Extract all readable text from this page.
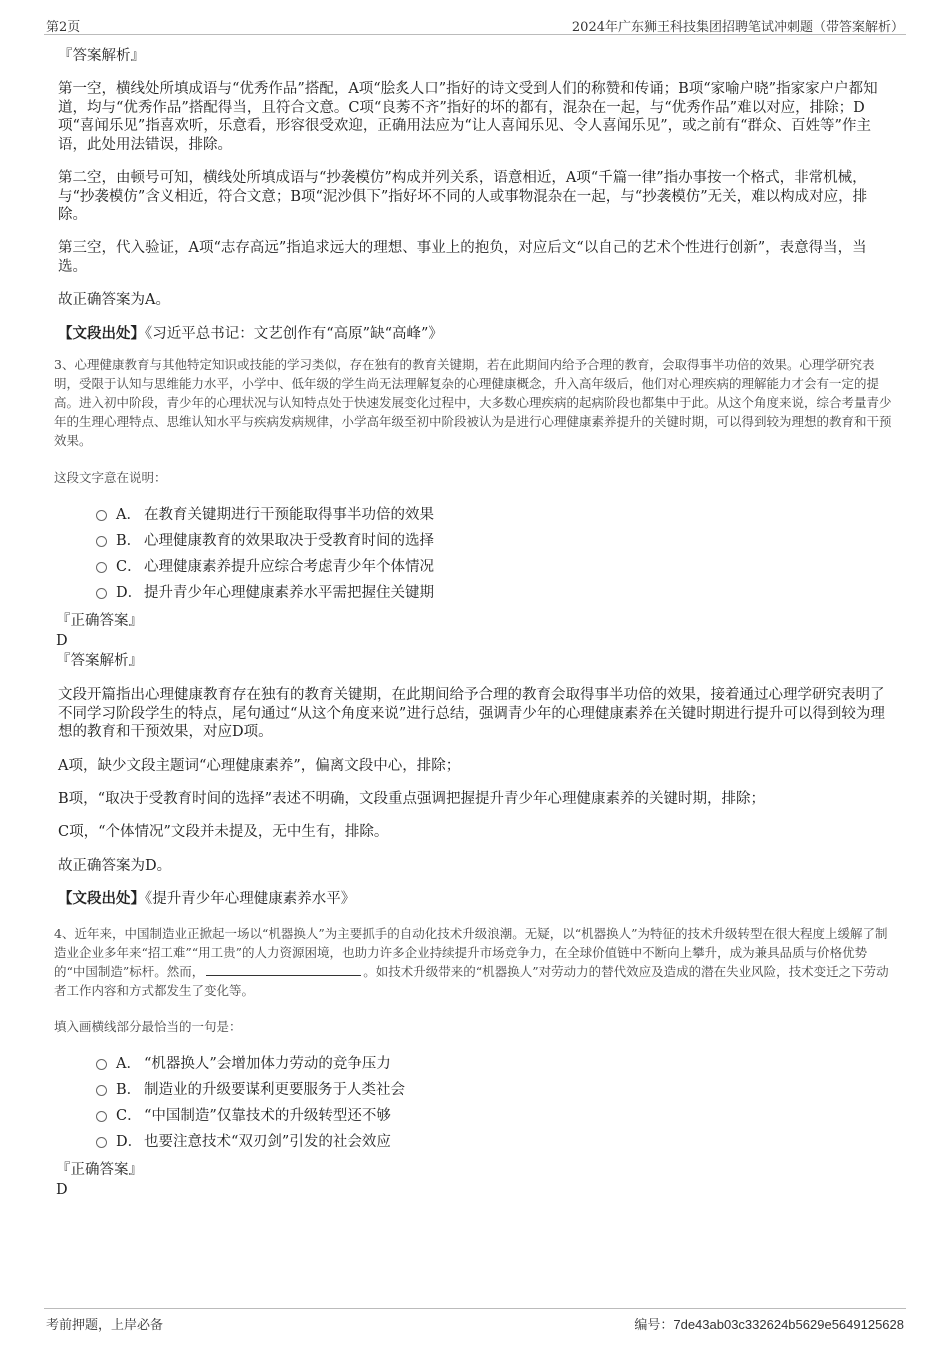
第2页	2024年广东狮王科技集团招聘笔试冲刺题（带答案解析）
『答案解析』
第一空，横线处所填成语与“优秀作品”搭配，A项“脍炙人口”指好的诗文受到人们的称赞和传诵；B项“家喻户晓”指家家户户都知道，均与“优秀作品”搭配得当，且符合文意。C项“良莠不齐”指好的坏的都有，混杂在一起，与“优秀作品”难以对应，排除；D项“喜闻乐见”指喜欢听，乐意看，形容很受欢迎，正确用法应为“让人喜闻乐见、令人喜闻乐见”，或之前有“群众、百姓等”作主语，此处用法错误，排除。
第二空，由顿号可知，横线处所填成语与“抄袭模仿”构成并列关系，语意相近，A项“千篇一律”指办事按一个格式，非常机械，与“抄袭模仿”含义相近，符合文意；B项“泥沙俱下”指好坏不同的人或事物混杂在一起，与“抄袭模仿”无关，难以构成对应，排除。
第三空，代入验证，A项“志存高远”指追求远大的理想、事业上的抱负，对应后文“以自己的艺术个性进行创新”，表意得当，当选。
故正确答案为A。
【文段出处】《习近平总书记：文艺创作有“高原”缺“高峰”》
3、心理健康教育与其他特定知识或技能的学习类似，存在独有的教育关键期，若在此期间内给予合理的教育，会取得事半功倍的效果。心理学研究表明，受限于认知与思维能力水平，小学中、低年级的学生尚无法理解复杂的心理健康概念，升入高年级后，他们对心理疾病的理解能力才会有一定的提高。进入初中阶段，青少年的心理状况与认知特点处于快速发展变化过程中，大多数心理疾病的起病阶段也都集中于此。从这个角度来说，综合考量青少年的生理心理特点、思维认知水平与疾病发病规律，小学高年级至初中阶段被认为是进行心理健康素养提升的关键时期，可以得到较为理想的教育和干预效果。
这段文字意在说明：
A． 在教育关键期进行干预能取得事半功倍的效果
B． 心理健康教育的效果取决于受教育时间的选择
C． 心理健康素养提升应综合考虑青少年个体情况
D． 提升青少年心理健康素养水平需把握住关键期
『正确答案』
D
『答案解析』
文段开篇指出心理健康教育存在独有的教育关键期，在此期间给予合理的教育会取得事半功倍的效果，接着通过心理学研究表明了不同学习阶段学生的特点，尾句通过“从这个角度来说”进行总结，强调青少年的心理健康素养在关键时期进行提升可以得到较为理想的教育和干预效果，对应D项。
A项，缺少文段主题词“心理健康素养”，偏离文段中心，排除；
B项，“取决于受教育时间的选择”表述不明确，文段重点强调把握提升青少年心理健康素养的关键时期，排除；
C项，“个体情况”文段并未提及，无中生有，排除。
故正确答案为D。
【文段出处】《提升青少年心理健康素养水平》
4、近年来，中国制造业正掀起一场以“机器换人”为主要抓手的自动化技术升级浪潮。无疑，以“机器换人”为特征的技术升级转型在很大程度上缓解了制造业企业多年来“招工难”“用工贵”的人力资源困境，也助力许多企业持续提升市场竞争力，在全球价值链中不断向上攀升，成为兼具品质与价格优势的“中国制造”标杆。然而，	。如技术升级带来的“机器换人”对劳动力的替代效应及造成的潜在失业风险，技术变迁之下劳动者工作内容和方式都发生了变化等。
填入画横线部分最恰当的一句是：
A． “机器换人”会增加体力劳动的竞争压力
B． 制造业的升级要谋利更要服务于人类社会
C． “中国制造”仅靠技术的升级转型还不够
D． 也要注意技术“双刃剑”引发的社会效应
『正确答案』
D
考前押题，上岸必备	编号：7de43ab03c332624b5629e5649125628
